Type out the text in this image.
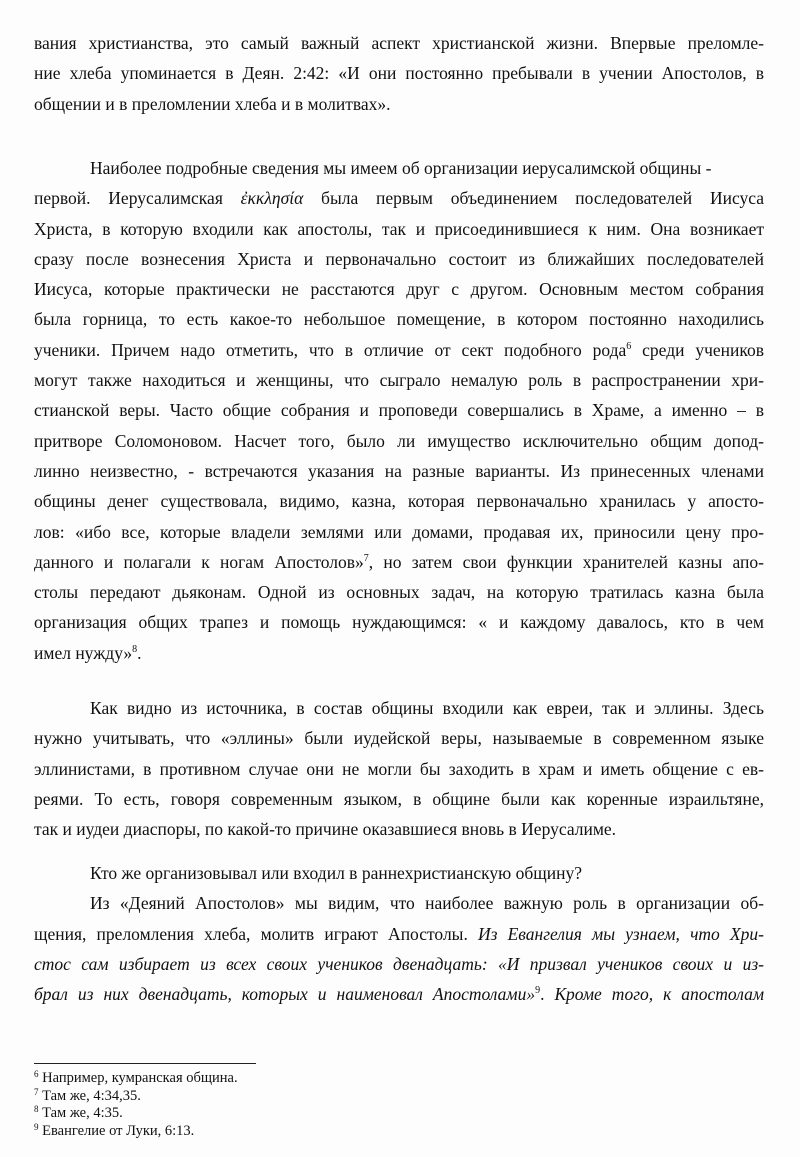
вания христианства, это самый важный аспект христианской жизни. Впервые преломле-
ние хлеба упоминается в Деян. 2:42: «И они постоянно пребывали в учении Апостолов, в
общении и в преломлении хлеба и в молитвах».
Наиболее подробные сведения мы имеем об организации иерусалимской общины -
первой. Иерусалимская ἐκκλησία была первым объединением последователей Иисуса
Христа, в которую входили как апостолы, так и присоединившиеся к ним. Она возникает
сразу после вознесения Христа и первоначально состоит из ближайших последователей
Иисуса, которые практически не расстаются друг с другом. Основным местом собрания
была горница, то есть какое-то небольшое помещение, в котором постоянно находились
ученики. Причем надо отметить, что в отличие от сект подобного рода$^6$ среди учеников
могут также находиться и женщины, что сыграло немалую роль в распространении хри-
стианской веры. Часто общие собрания и проповеди совершались в Храме, а именно – в
притворе Соломоновом. Насчет того, было ли имущество исключительно общим допод-
линно неизвестно, - встречаются указания на разные варианты. Из принесенных членами
общины денег существовала, видимо, казна, которая первоначально хранилась у апосто-
лов: «ибо все, которые владели землями или домами, продавая их, приносили цену про-
данного и полагали к ногам Апостолов»$^7$, но затем свои функции хранителей казны апо-
столы передают дьяконам. Одной из основных задач, на которую тратилась казна была
организация общих трапез и помощь нуждающимся: « и каждому давалось, кто в чем
имел нужду»$^8$.
Как видно из источника, в состав общины входили как евреи, так и эллины. Здесь
нужно учитывать, что «эллины» были иудейской веры, называемые в современном языке
эллинистами, в противном случае они не могли бы заходить в храм и иметь общение с ев-
реями. То есть, говоря современным языком, в общине были как коренные израильтяне,
так и иудеи диаспоры, по какой-то причине оказавшиеся вновь в Иерусалиме.
Кто же организовывал или входил в раннехристианскую общину?
Из «Деяний Апостолов» мы видим, что наиболее важную роль в организации об-
щения, преломления хлеба, молитв играют Апостолы. Из Евангелия мы узнаем, что Хри-
стос сам избирает из всех своих учеников двенадцать: «И призвал учеников своих и из-
брал из них двенадцать, которых и наименовал Апостолами»$^9$. Кроме того, к апостолам
$^6$ Например, кумранская община.
$^7$ Там же, 4:34,35.
$^8$ Там же, 4:35.
$^9$ Евангелие от Луки, 6:13.
